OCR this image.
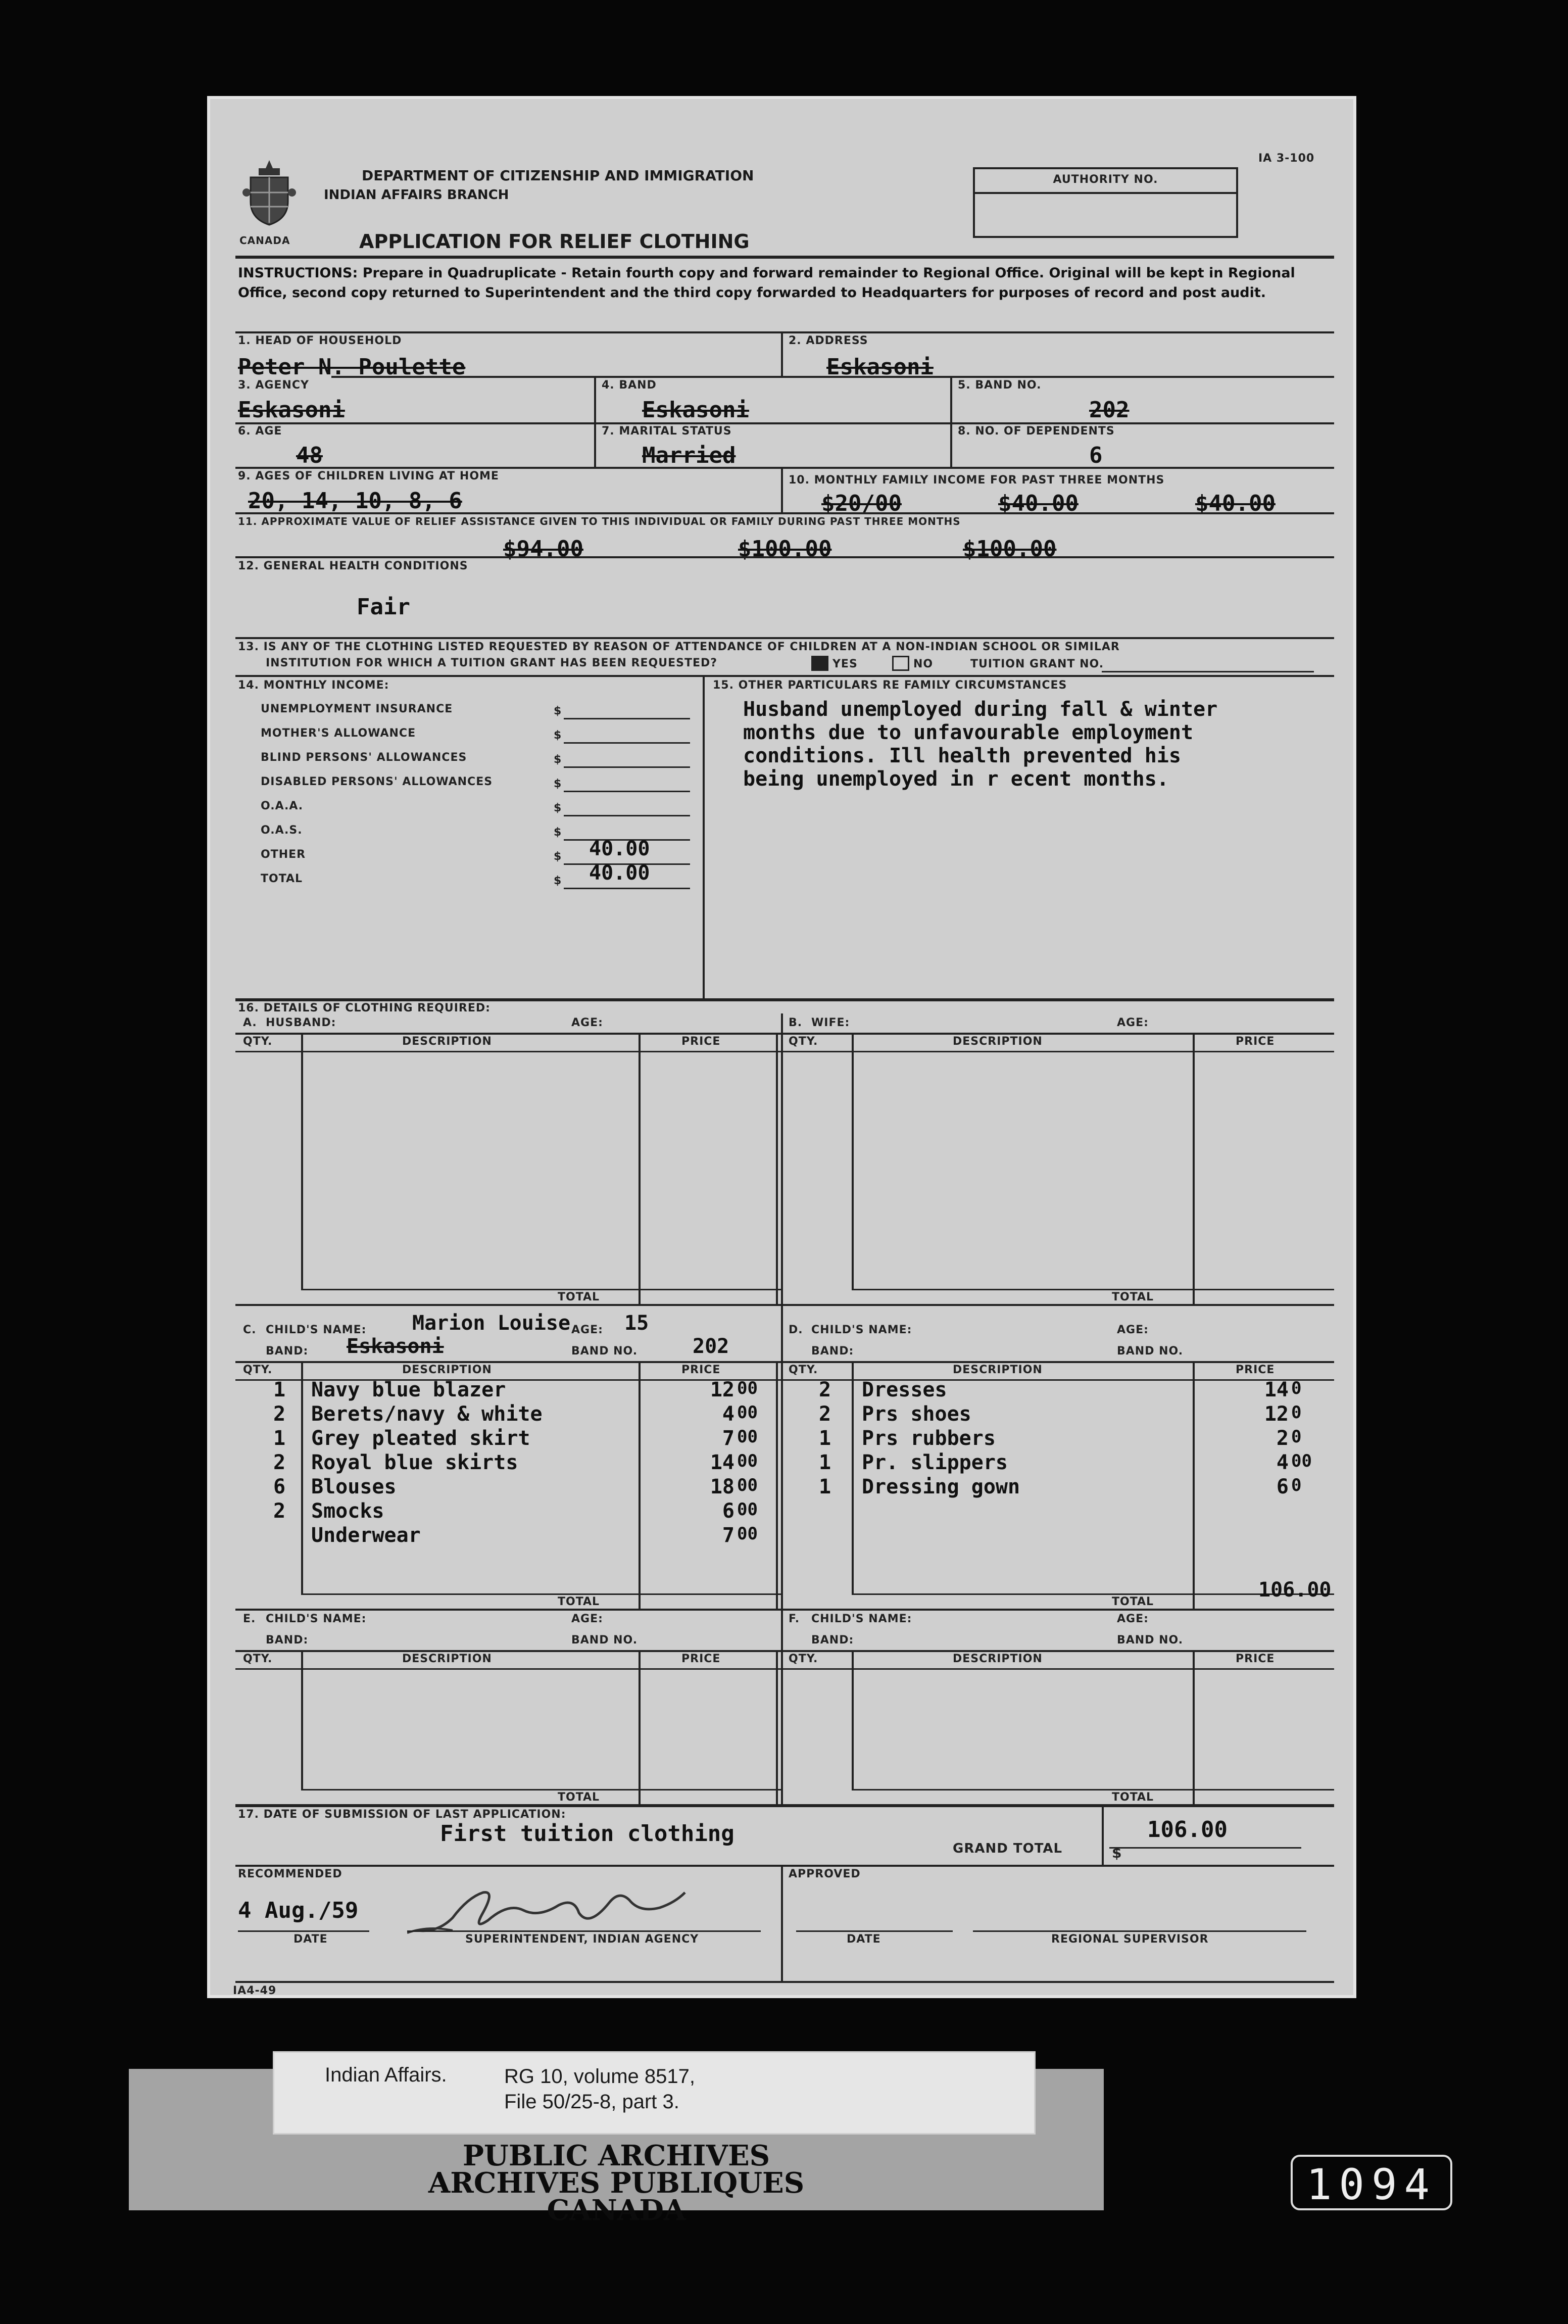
CANADA
DEPARTMENT OF CITIZENSHIP AND IMMIGRATION
INDIAN AFFAIRS BRANCH
APPLICATION FOR RELIEF CLOTHING
IA 3-100
AUTHORITY NO.
INSTRUCTIONS: Prepare in Quadruplicate - Retain fourth copy and forward remainder to Regional Office. Original will be kept in Regional Office, second copy returned to Superintendent and the third copy forwarded to Headquarters for purposes of record and post audit.
1. HEAD OF HOUSEHOLD
Peter N. Poulette
2. ADDRESS
Eskasoni
3. AGENCY
Eskasoni
4. BAND
Eskasoni
5. BAND NO.
202
6. AGE
48
7. MARITAL STATUS
Married
8. NO. OF DEPENDENTS
6
9. AGES OF CHILDREN LIVING AT HOME
20, 14, 10, 8, 6
10. MONTHLY FAMILY INCOME FOR PAST THREE MONTHS
$20/00	$40.00	$40.00
11. APPROXIMATE VALUE OF RELIEF ASSISTANCE GIVEN TO THIS INDIVIDUAL OR FAMILY DURING PAST THREE MONTHS
$94.00	$100.00	$100.00
12. GENERAL HEALTH CONDITIONS
Fair
13. IS ANY OF THE CLOTHING LISTED REQUESTED BY REASON OF ATTENDANCE OF CHILDREN AT A NON-INDIAN SCHOOL OR SIMILAR
INSTITUTION FOR WHICH A TUITION GRANT HAS BEEN REQUESTED?	YES	NO	TUITION GRANT NO.
14. MONTHLY INCOME:
UNEMPLOYMENT INSURANCE	$
MOTHER'S ALLOWANCE	$
BLIND PERSONS' ALLOWANCES	$
DISABLED PERSONS' ALLOWANCES	$
O.A.A.	$
O.A.S.	$
OTHER	$ 40.00
TOTAL	$ 40.00
15. OTHER PARTICULARS RE FAMILY CIRCUMSTANCES
Husband unemployed during fall & winter
months due to unfavourable employment
conditions. Ill health prevented his
being unemployed in r ecent months.
16. DETAILS OF CLOTHING REQUIRED:
A. HUSBAND:	AGE:
QTY.	DESCRIPTION	PRICE
TOTAL
B. WIFE:	AGE:
QTY.	DESCRIPTION	PRICE
TOTAL
C. CHILD'S NAME:	AGE:
BAND:	BAND NO.
Marion Louise	15
Eskasoni	202
QTY.	DESCRIPTION	PRICE
TOTAL
1 Navy blue blazer	12 00
2 Berets/navy & white	4 00
1 Grey pleated skirt	7 00
2 Royal blue skirts	14 00
6 Blouses	18 00
2 Smocks	6 00
Underwear	7 00
D. CHILD'S NAME:	AGE:
BAND:	BAND NO.
QTY.	DESCRIPTION	PRICE
TOTAL
106.00
2 Dresses	14 0
2 Prs shoes	12 0
1 Prs rubbers	2 0
1 Pr. slippers	4 00
1 Dressing gown	6 0
E. CHILD'S NAME:	AGE:
BAND:	BAND NO.
QTY.	DESCRIPTION	PRICE
TOTAL
F. CHILD'S NAME:	AGE:
BAND:	BAND NO.
QTY.	DESCRIPTION	PRICE
TOTAL
17. DATE OF SUBMISSION OF LAST APPLICATION:
First tuition clothing
GRAND TOTAL	$
106.00
RECOMMENDED
4 Aug./59
DATE	SUPERINTENDENT, INDIAN AGENCY
APPROVED
DATE	REGIONAL SUPERVISOR
IA4-49
PUBLIC ARCHIVES
ARCHIVES PUBLIQUES
CANADA
Indian Affairs.	RG 10, volume 8517,
File 50/25-8, part 3.
1094
